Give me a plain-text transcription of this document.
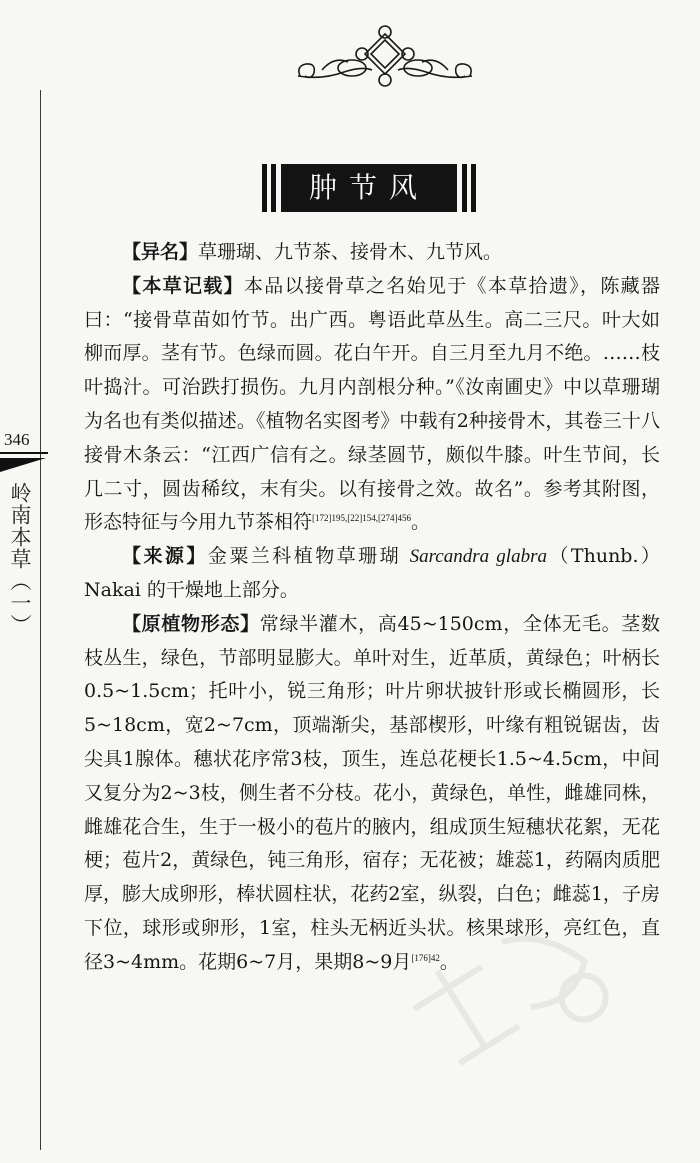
346
岭南本草（一）
肿节风

【异名】草珊瑚、九节茶、接骨木、九节风。

【本草记载】本品以接骨草之名始见于《本草拾遗》，陈藏器曰：“接骨草苗如竹节。出广西。粤语此草丛生。高二三尺。叶大如柳而厚。茎有节。色绿而圆。花白午开。自三月至九月不绝。……枝叶捣汁。可治跌打损伤。九月内剖根分种。”《汝南圃史》中以草珊瑚为名也有类似描述。《植物名实图考》中载有2种接骨木，其卷三十八接骨木条云：“江西广信有之。绿茎圆节，颇似牛膝。叶生节间，长几二寸，圆齿稀纹，末有尖。以有接骨之效。故名”。参考其附图，形态特征与今用九节茶相符$^{[172]195,[22]154,[274]456}$。

【来源】金粟兰科植物草珊瑚 Sarcandra glabra（Thunb.）Nakai 的干燥地上部分。

【原植物形态】常绿半灌木，高45~150cm，全体无毛。茎数枝丛生，绿色，节部明显膨大。单叶对生，近革质，黄绿色；叶柄长0.5~1.5cm；托叶小，锐三角形；叶片卵状披针形或长椭圆形，长5~18cm，宽2~7cm，顶端渐尖，基部楔形，叶缘有粗锐锯齿，齿尖具1腺体。穗状花序常3枝，顶生，连总花梗长1.5~4.5cm，中间又复分为2~3枝，侧生者不分枝。花小，黄绿色，单性，雌雄同株，雌雄花合生，生于一极小的苞片的腋内，组成顶生短穗状花絮，无花梗；苞片2，黄绿色，钝三角形，宿存；无花被；雄蕊1，药隔肉质肥厚，膨大成卵形，棒状圆柱状，花药2室，纵裂，白色；雌蕊1，子房下位，球形或卵形，1室，柱头无柄近头状。核果球形，亮红色，直径3~4mm。花期6~7月，果期8~9月$^{[176]42}$。
